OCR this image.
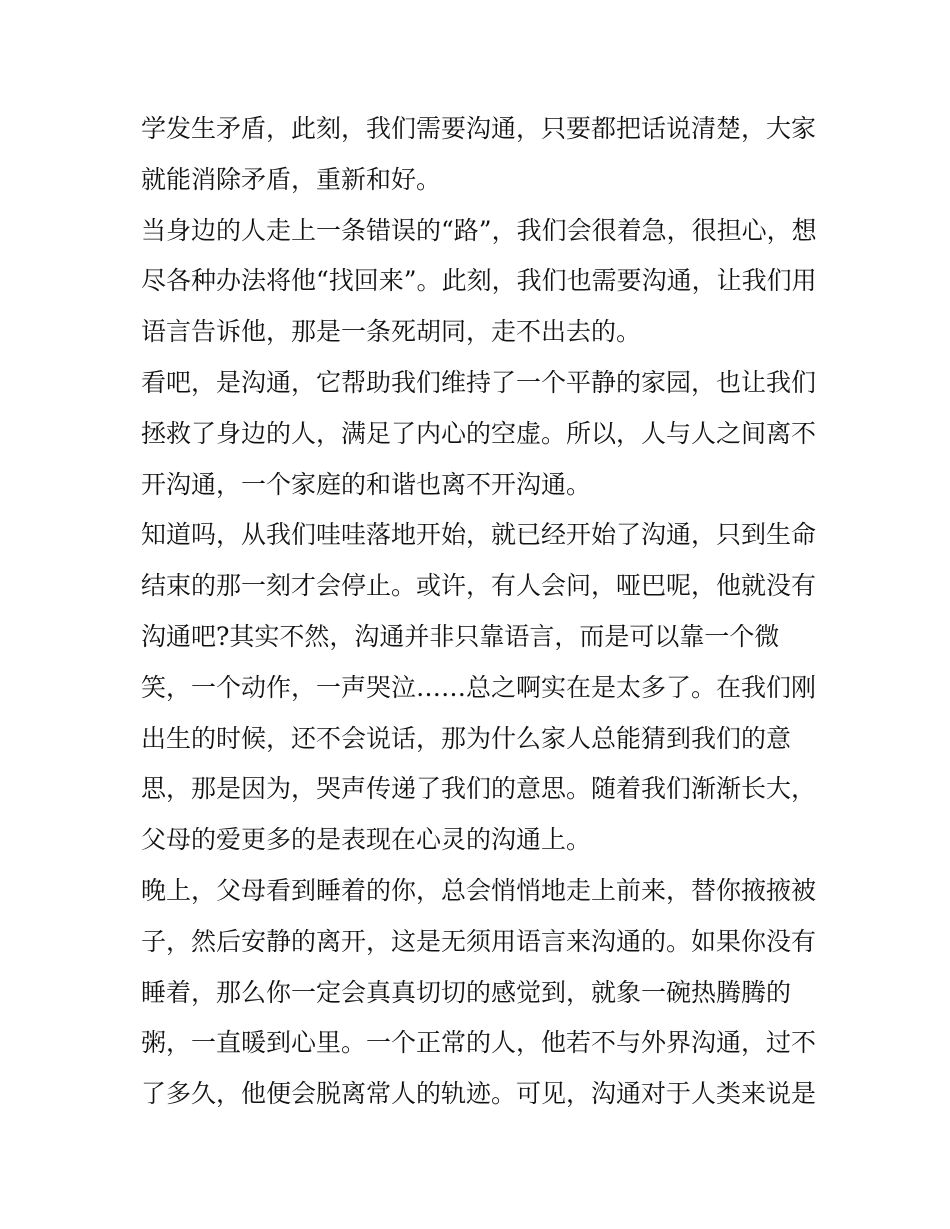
学发生矛盾，此刻，我们需要沟通，只要都把话说清楚，大家
就能消除矛盾，重新和好。
当身边的人走上一条错误的“路”，我们会很着急，很担心，想
尽各种办法将他“找回来”。此刻，我们也需要沟通，让我们用
语言告诉他，那是一条死胡同，走不出去的。
看吧，是沟通，它帮助我们维持了一个平静的家园，也让我们
拯救了身边的人，满足了内心的空虚。所以，人与人之间离不
开沟通，一个家庭的和谐也离不开沟通。
知道吗，从我们哇哇落地开始，就已经开始了沟通，只到生命
结束的那一刻才会停止。或许，有人会问，哑巴呢，他就没有
沟通吧?其实不然，沟通并非只靠语言，而是可以靠一个微
笑，一个动作，一声哭泣……总之啊实在是太多了。在我们刚
出生的时候，还不会说话，那为什么家人总能猜到我们的意
思，那是因为，哭声传递了我们的意思。随着我们渐渐长大，
父母的爱更多的是表现在心灵的沟通上。
晚上，父母看到睡着的你，总会悄悄地走上前来，替你掖掖被
子，然后安静的离开，这是无须用语言来沟通的。如果你没有
睡着，那么你一定会真真切切的感觉到，就象一碗热腾腾的
粥，一直暖到心里。一个正常的人，他若不与外界沟通，过不
了多久，他便会脱离常人的轨迹。可见，沟通对于人类来说是
